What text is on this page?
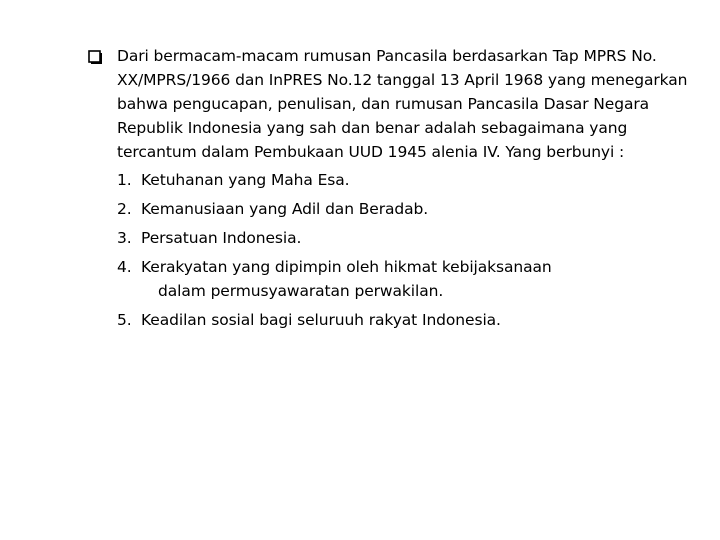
Dari bermacam-macam rumusan Pancasila berdasarkan Tap MPRS No. XX/MPRS/1966 dan InPRES No.12 tanggal 13 April 1968 yang menegarkan bahwa pengucapan, penulisan, dan rumusan Pancasila Dasar Negara Republik Indonesia yang sah dan benar adalah sebagaimana yang tercantum dalam Pembukaan UUD 1945 alenia IV. Yang berbunyi :

1. Ketuhanan yang Maha Esa.
2. Kemanusiaan yang Adil dan Beradab.
3. Persatuan Indonesia.
4. Kerakyatan yang dipimpin oleh hikmat kebijaksanaan
dalam permusyawaratan perwakilan.
5. Keadilan sosial bagi seluruuh rakyat Indonesia.
